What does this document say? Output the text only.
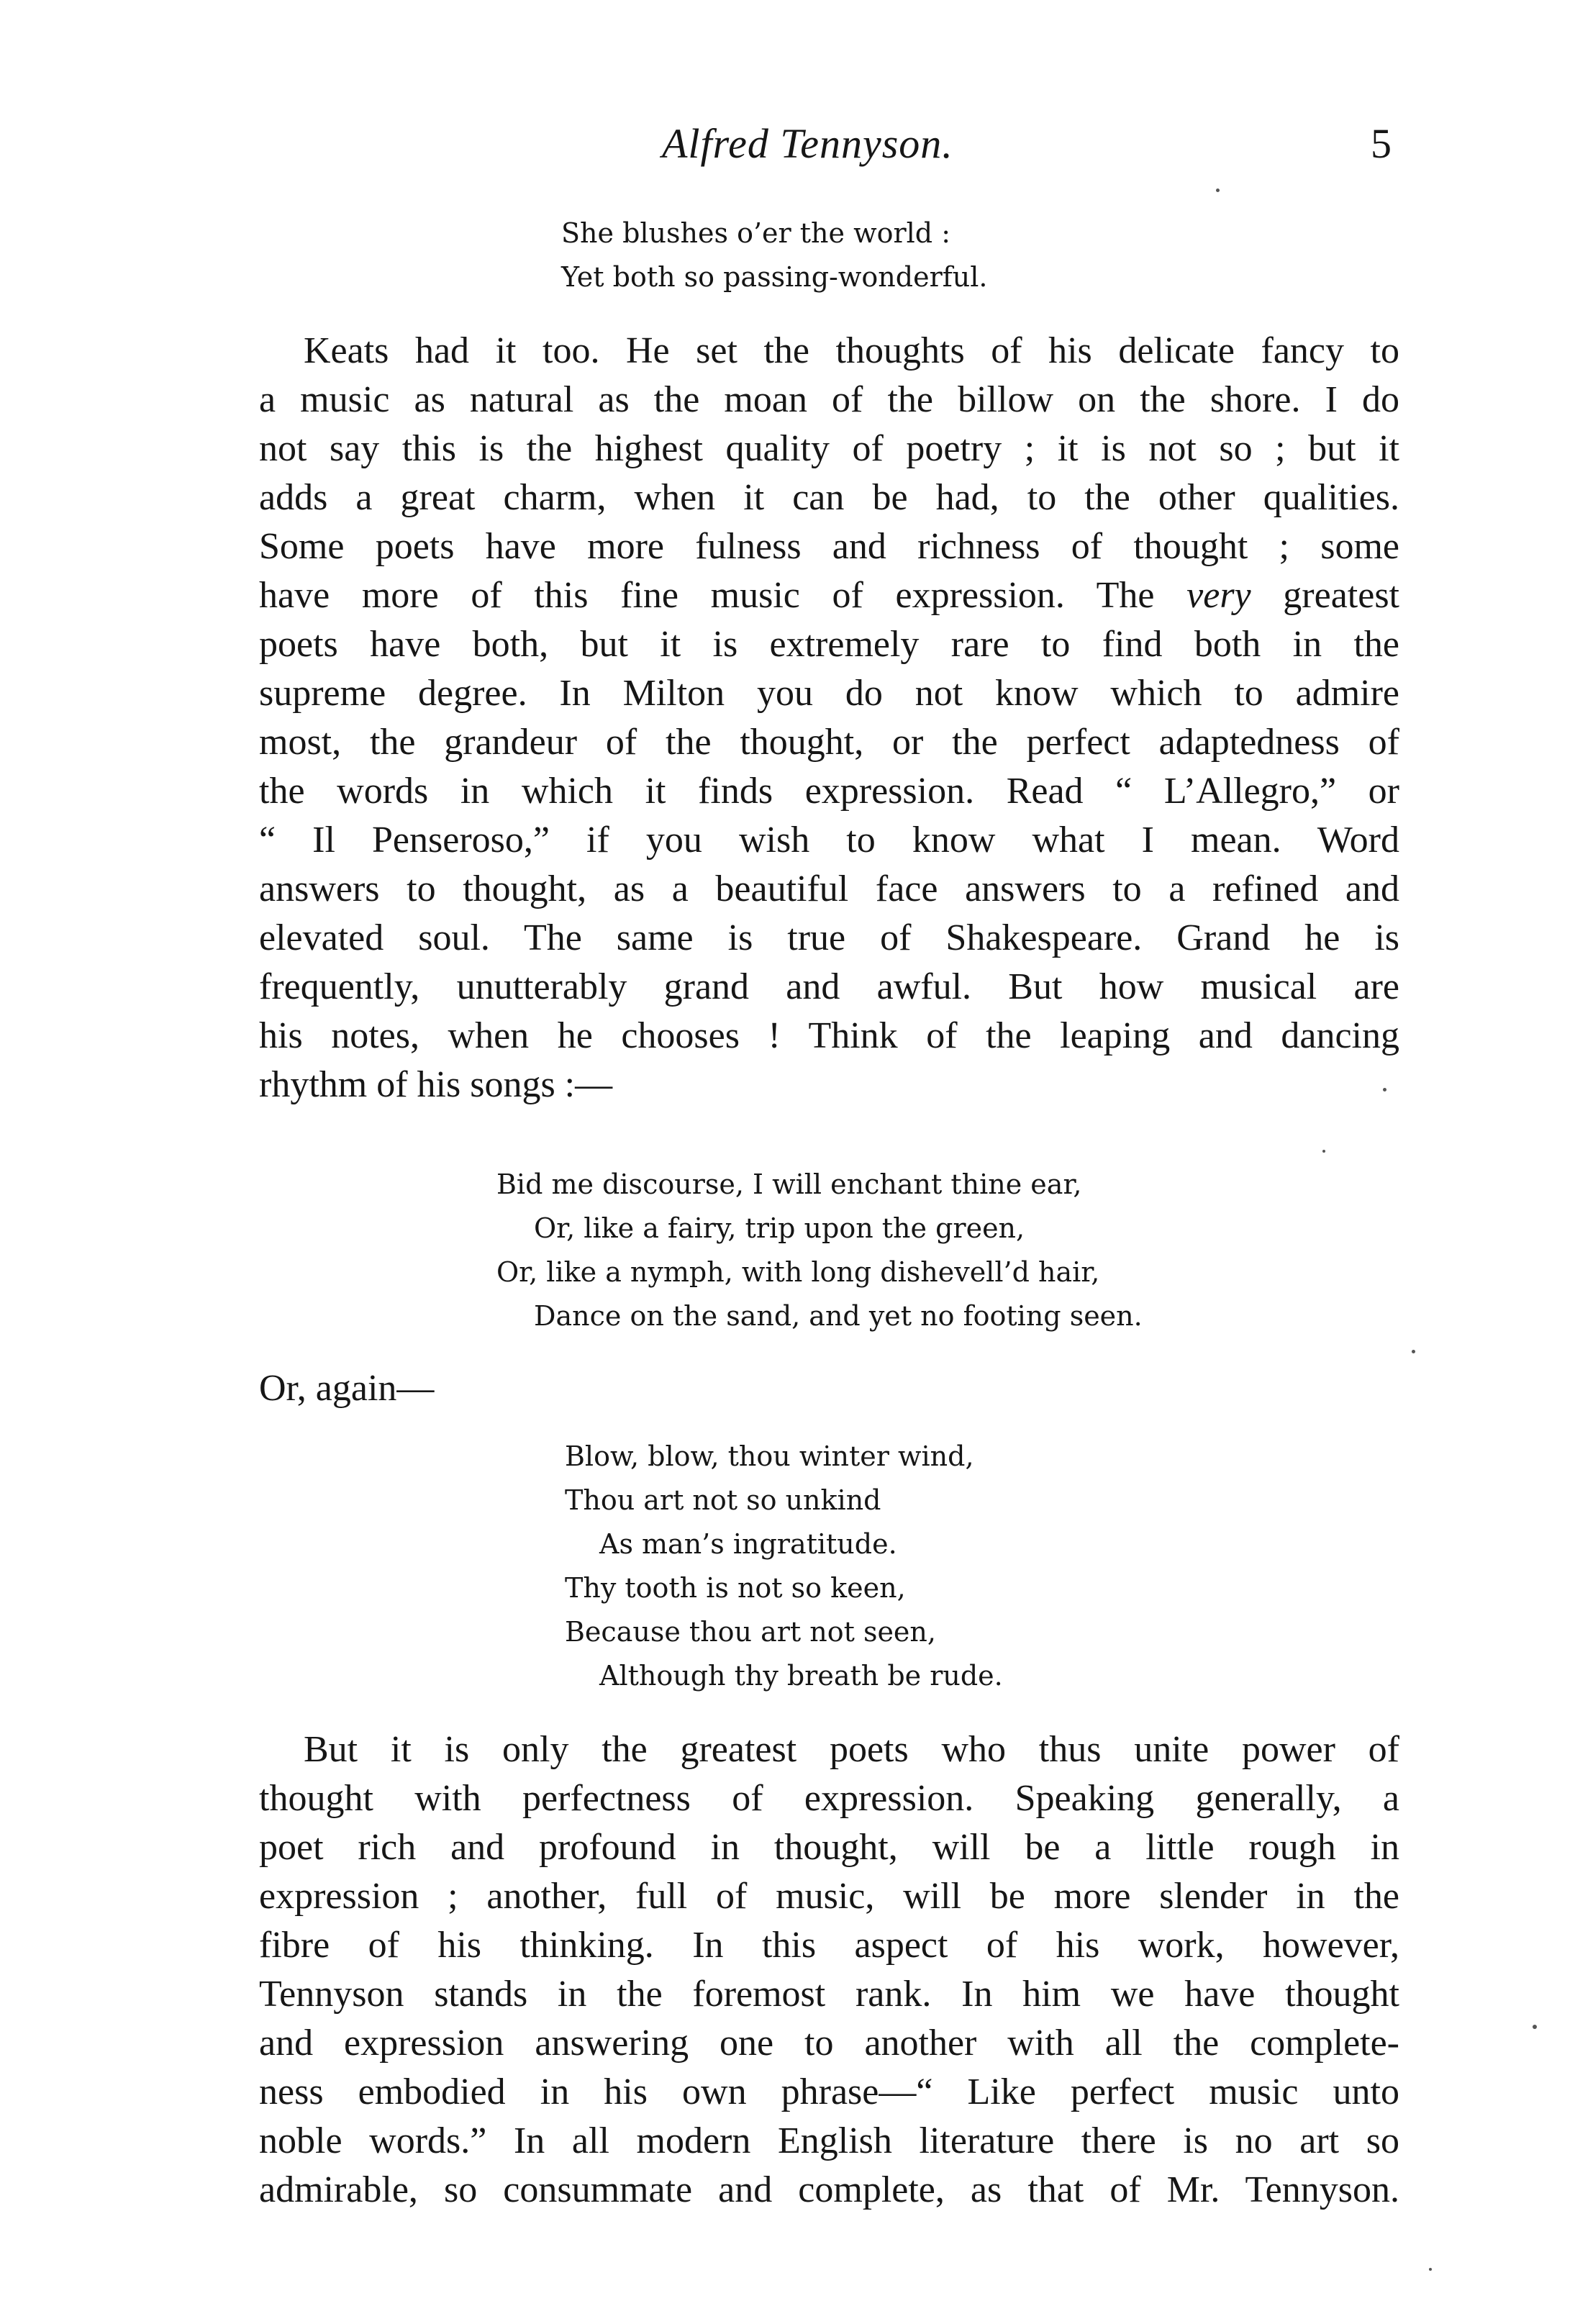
Alfred Tennyson.	5
She blushes o’er the world :
Yet both so passing-wonderful.
Keats had it too. He set the thoughts of his delicate fancy to
a music as natural as the moan of the billow on the shore. I do
not say this is the highest quality of poetry ; it is not so ; but it
adds a great charm, when it can be had, to the other qualities.
Some poets have more fulness and richness of thought ; some
have more of this fine music of expression. The very greatest
poets have both, but it is extremely rare to find both in the
supreme degree. In Milton you do not know which to admire
most, the grandeur of the thought, or the perfect adaptedness of
the words in which it finds expression. Read “ L’Allegro,” or
“ Il Penseroso,” if you wish to know what I mean. Word
answers to thought, as a beautiful face answers to a refined and
elevated soul. The same is true of Shakespeare. Grand he is
frequently, unutterably grand and awful. But how musical are
his notes, when he chooses ! Think of the leaping and dancing
rhythm of his songs :—
Bid me discourse, I will enchant thine ear,
Or, like a fairy, trip upon the green,
Or, like a nymph, with long dishevell’d hair,
Dance on the sand, and yet no footing seen.
Or, again—
Blow, blow, thou winter wind,
Thou art not so unkind
As man’s ingratitude.
Thy tooth is not so keen,
Because thou art not seen,
Although thy breath be rude.
But it is only the greatest poets who thus unite power of
thought with perfectness of expression. Speaking generally, a
poet rich and profound in thought, will be a little rough in
expression ; another, full of music, will be more slender in the
fibre of his thinking. In this aspect of his work, however,
Tennyson stands in the foremost rank. In him we have thought
and expression answering one to another with all the complete-
ness embodied in his own phrase—“ Like perfect music unto
noble words.” In all modern English literature there is no art so
admirable, so consummate and complete, as that of Mr. Tennyson.
